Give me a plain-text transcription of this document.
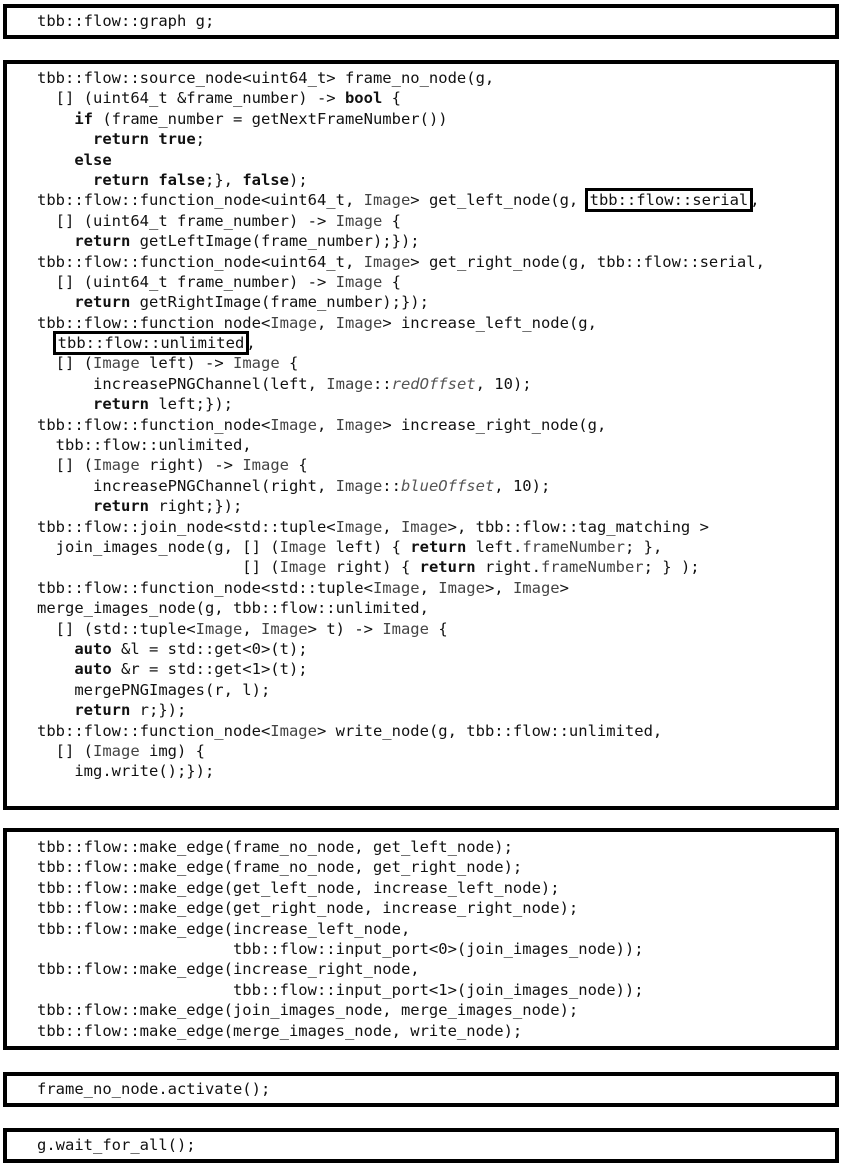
tbb::flow::graph g;
tbb::flow::source_node<uint64_t> frame_no_node(g,
[] (uint64_t &frame_number) -> bool {
if (frame_number = getNextFrameNumber())
return true;
else
return false;}, false);
tbb::flow::function_node<uint64_t, Image> get_left_node(g, tbb::flow::serial ,
[] (uint64_t frame_number) -> Image {
return getLeftImage(frame_number);});
tbb::flow::function_node<uint64_t, Image> get_right_node(g, tbb::flow::serial,
[] (uint64_t frame_number) -> Image {
return getRightImage(frame_number);});
tbb::flow::function_node<Image, Image> increase_left_node(g,
tbb::flow::unlimited ,
[] (Image left) -> Image {
increasePNGChannel(left, Image::redOffset, 10);
return left;});
tbb::flow::function_node<Image, Image> increase_right_node(g,
tbb::flow::unlimited,
[] (Image right) -> Image {
increasePNGChannel(right, Image::blueOffset, 10);
return right;});
tbb::flow::join_node<std::tuple<Image, Image>, tbb::flow::tag_matching >
join_images_node(g, [] (Image left) { return left.frameNumber; },
[] (Image right) { return right.frameNumber; } );
tbb::flow::function_node<std::tuple<Image, Image>, Image>
merge_images_node(g, tbb::flow::unlimited,
[] (std::tuple<Image, Image> t) -> Image {
auto &l = std::get<0>(t);
auto &r = std::get<1>(t);
mergePNGImages(r, l);
return r;});
tbb::flow::function_node<Image> write_node(g, tbb::flow::unlimited,
[] (Image img) {
img.write();});
tbb::flow::make_edge(frame_no_node, get_left_node);
tbb::flow::make_edge(frame_no_node, get_right_node);
tbb::flow::make_edge(get_left_node, increase_left_node);
tbb::flow::make_edge(get_right_node, increase_right_node);
tbb::flow::make_edge(increase_left_node,
tbb::flow::input_port<0>(join_images_node));
tbb::flow::make_edge(increase_right_node,
tbb::flow::input_port<1>(join_images_node));
tbb::flow::make_edge(join_images_node, merge_images_node);
tbb::flow::make_edge(merge_images_node, write_node);
frame_no_node.activate();
g.wait_for_all();
